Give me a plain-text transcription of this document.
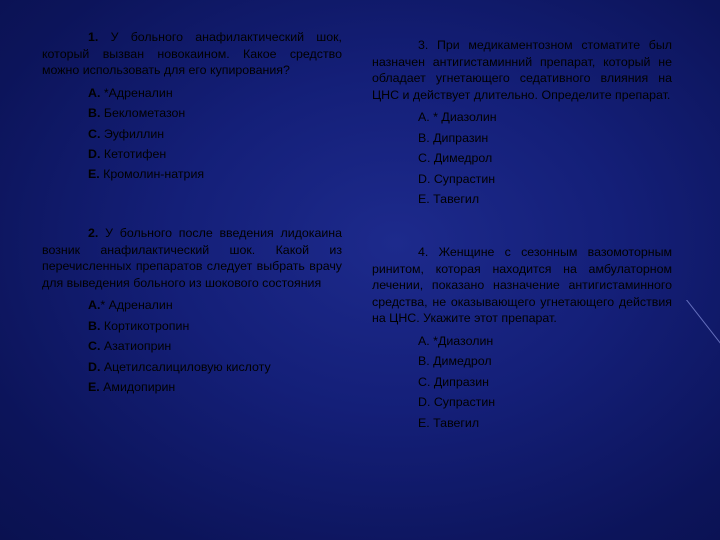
1. У больного анафилактический шок, который вызван новокаином. Какое средство можно использовать для его купирования?

A. *Адреналин
B. Беклометазон
C. Эуфиллин
D. Кетотифен
E. Кромолин-натрия

2. У больного после введения лидокаина возник анафилактический шок. Какой из перечисленных препаратов следует выбрать врачу для выведения больного из шокового состояния

A.* Адреналин
B. Кортикотропин
C. Азатиоприн
D. Ацетилсалициловую кислоту
E. Амидопирин

3. При медикаментозном стоматите был назначен антигистаминний препарат, который не обладает угнетающего седативного влияния на ЦНС и действует длительно. Определите препарат.

А. * Диазолин
В. Дипразин
С. Димедрол
D. Супрастин
Е. Тавегил

4. Женщине с сезонным вазомоторным ринитом, которая находится на амбулаторном лечении, показано назначение антигистаминного средства, не оказывающего угнетающего действия на ЦНС. Укажите этот препарат.

А. *Диазолин
В. Димедрол
С. Дипразин
D. Супрастин
Е. Тавегил
